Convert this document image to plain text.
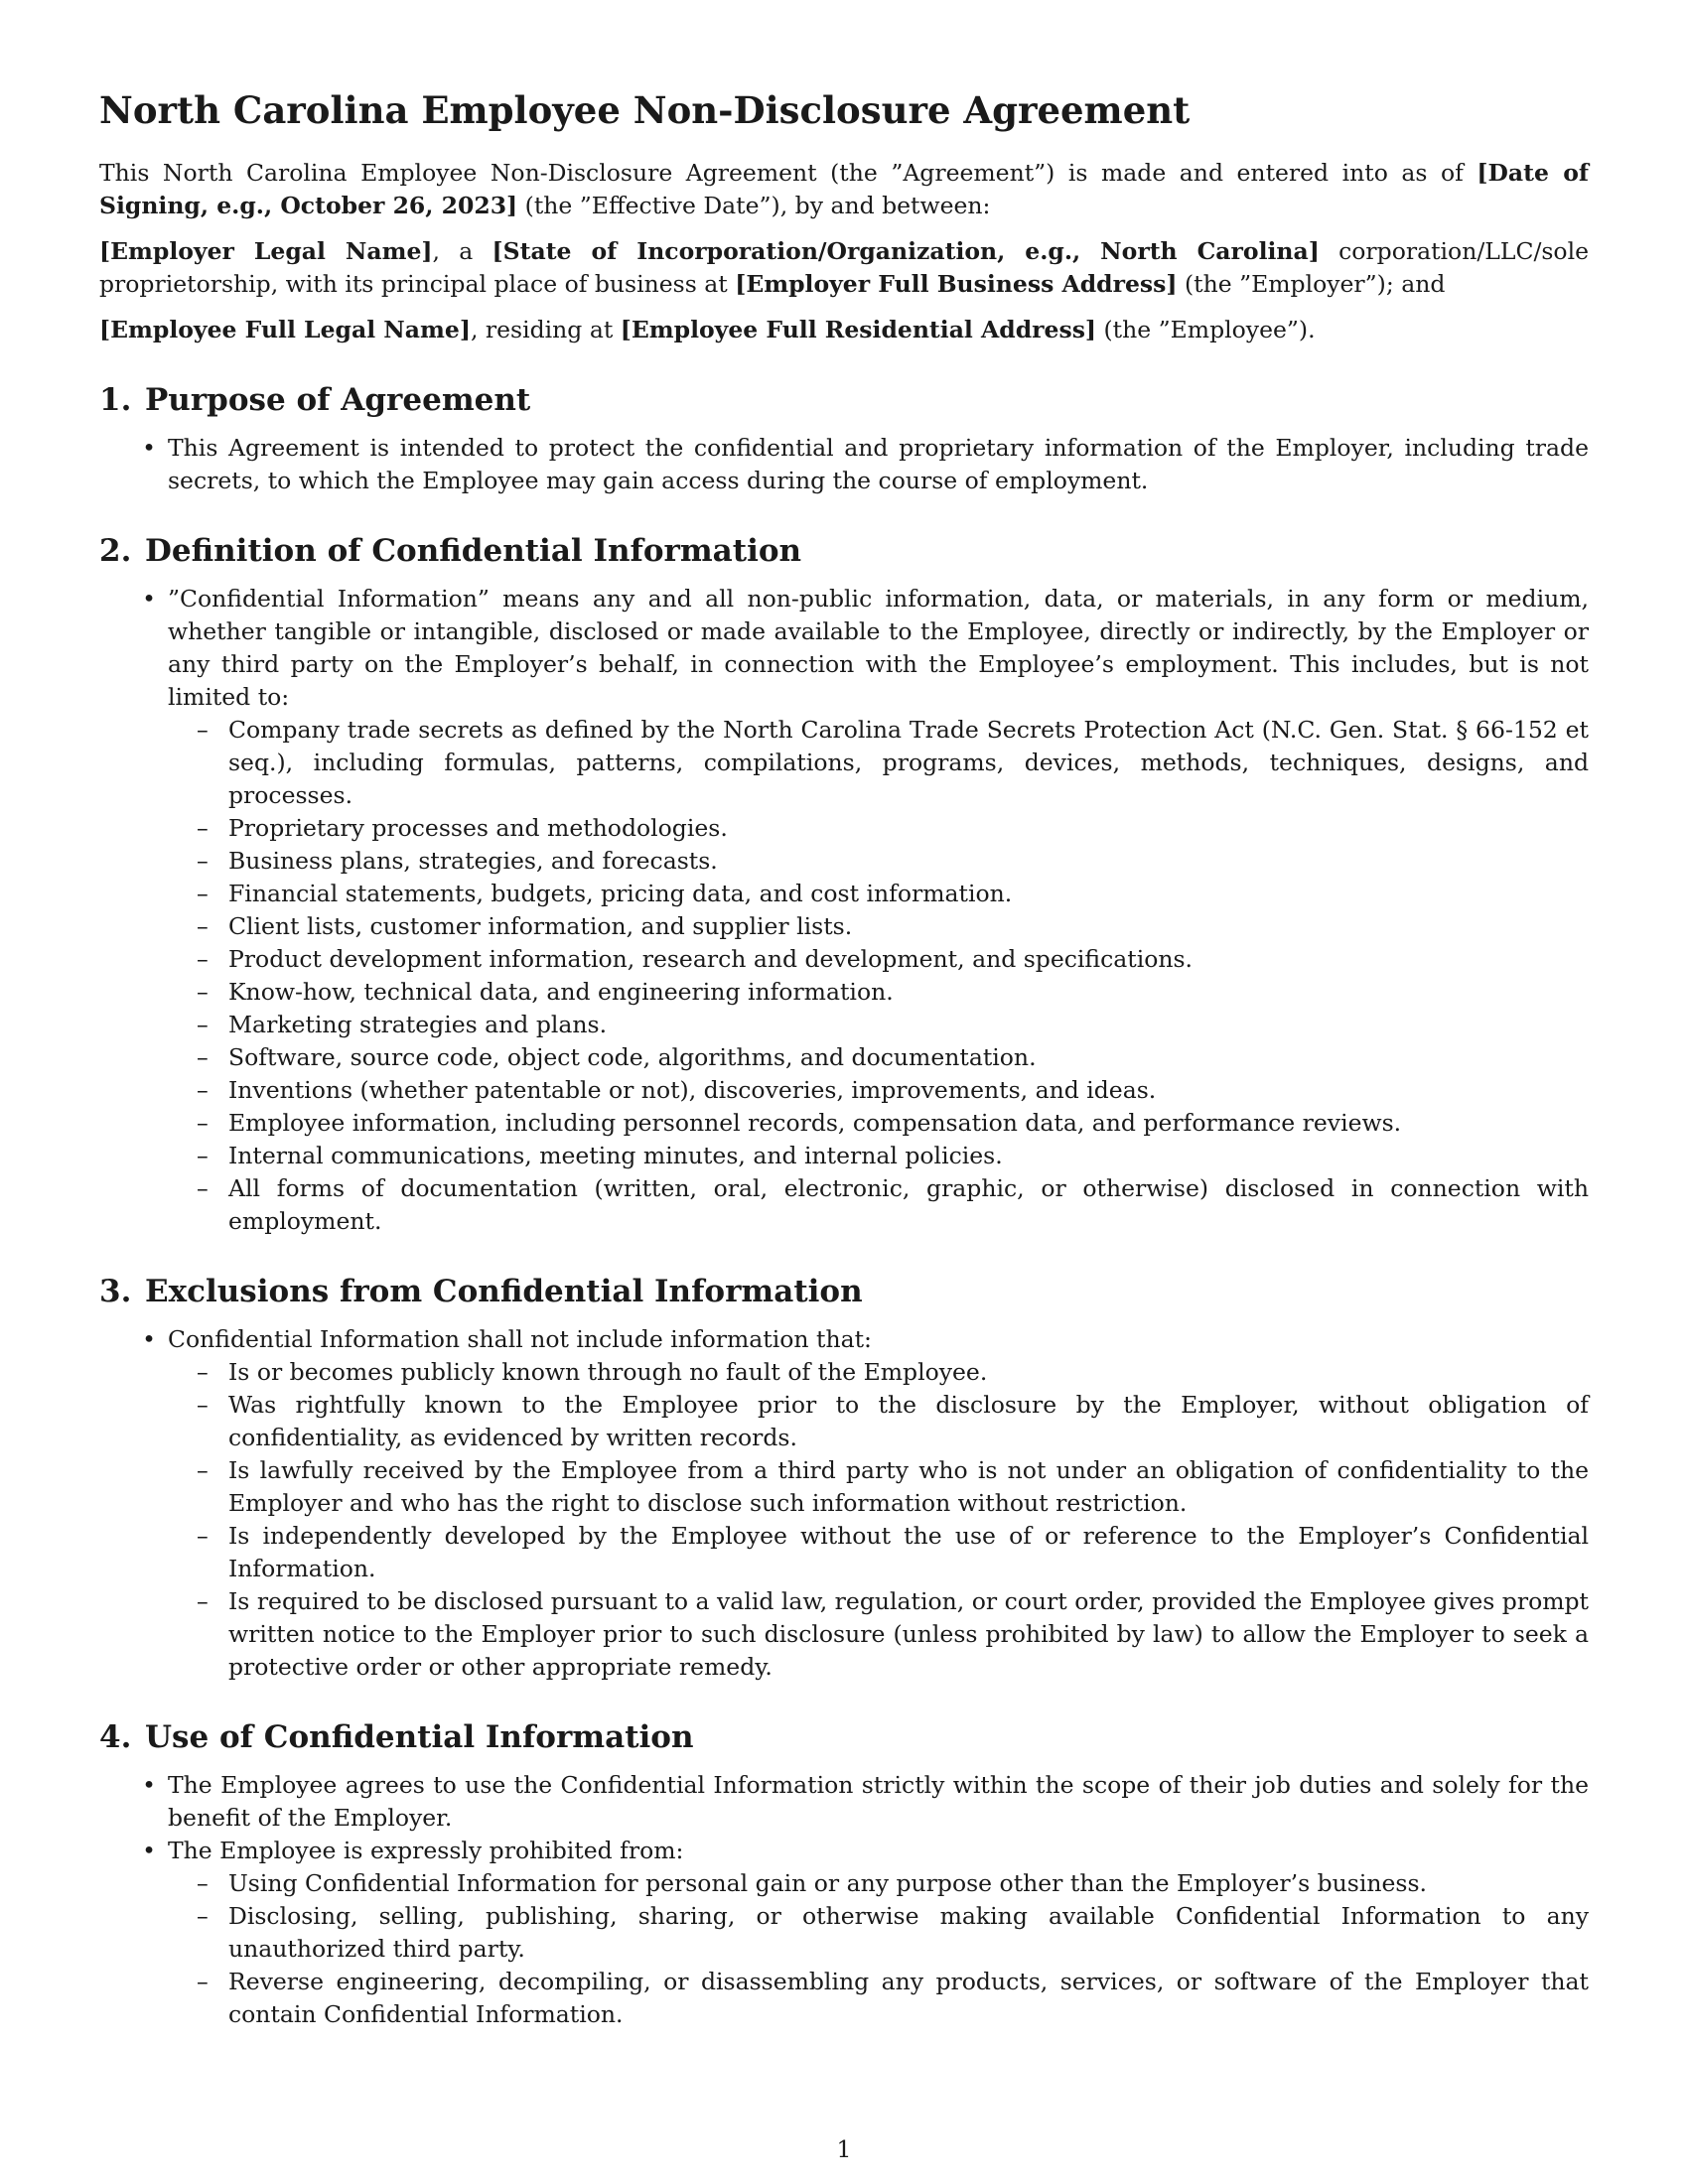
North Carolina Employee Non-Disclosure Agreement

This North Carolina Employee Non-Disclosure Agreement (the ”Agreement”) is made and entered into as of [Date of Signing, e.g., October 26, 2023] (the ”Effective Date”), by and between:

[Employer Legal Name], a [State of Incorporation/Organization, e.g., North Carolina] corporation/LLC/sole proprietorship, with its principal place of business at [Employer Full Business Address] (the ”Employer”); and

[Employee Full Legal Name], residing at [Employee Full Residential Address] (the ”Employee”).

1. Purpose of Agreement
• This Agreement is intended to protect the confidential and proprietary information of the Employer, including trade secrets, to which the Employee may gain access during the course of employment.
2. Definition of Confidential Information
• ”Confidential Information” means any and all non-public information, data, or materials, in any form or medium, whether tangible or intangible, disclosed or made available to the Employee, directly or indirectly, by the Employer or any third party on the Employer’s behalf, in connection with the Employee’s employment. This includes, but is not limited to:
– Company trade secrets as defined by the North Carolina Trade Secrets Protection Act (N.C. Gen. Stat. § 66-152 et seq.), including formulas, patterns, compilations, programs, devices, methods, techniques, designs, and processes.
– Proprietary processes and methodologies.
– Business plans, strategies, and forecasts.
– Financial statements, budgets, pricing data, and cost information.
– Client lists, customer information, and supplier lists.
– Product development information, research and development, and specifications.
– Know-how, technical data, and engineering information.
– Marketing strategies and plans.
– Software, source code, object code, algorithms, and documentation.
– Inventions (whether patentable or not), discoveries, improvements, and ideas.
– Employee information, including personnel records, compensation data, and performance reviews.
– Internal communications, meeting minutes, and internal policies.
– All forms of documentation (written, oral, electronic, graphic, or otherwise) disclosed in connection with employment.
3. Exclusions from Confidential Information
• Confidential Information shall not include information that:
– Is or becomes publicly known through no fault of the Employee.
– Was rightfully known to the Employee prior to the disclosure by the Employer, without obligation of confidentiality, as evidenced by written records.
– Is lawfully received by the Employee from a third party who is not under an obligation of confidentiality to the Employer and who has the right to disclose such information without restriction.
– Is independently developed by the Employee without the use of or reference to the Employer’s Confidential Information.
– Is required to be disclosed pursuant to a valid law, regulation, or court order, provided the Employee gives prompt written notice to the Employer prior to such disclosure (unless prohibited by law) to allow the Employer to seek a protective order or other appropriate remedy.
4. Use of Confidential Information
• The Employee agrees to use the Confidential Information strictly within the scope of their job duties and solely for the benefit of the Employer.
• The Employee is expressly prohibited from:
– Using Confidential Information for personal gain or any purpose other than the Employer’s business.
– Disclosing, selling, publishing, sharing, or otherwise making available Confidential Information to any unauthorized third party.
– Reverse engineering, decompiling, or disassembling any products, services, or software of the Employer that contain Confidential Information.
1
